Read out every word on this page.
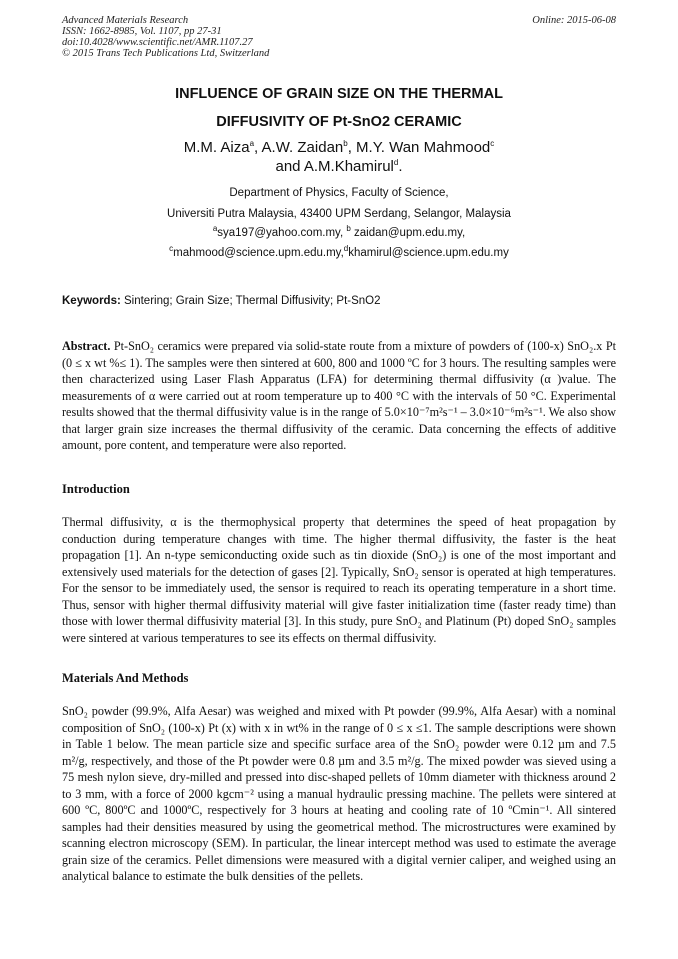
Advanced Materials Research
ISSN: 1662-8985, Vol. 1107, pp 27-31
doi:10.4028/www.scientific.net/AMR.1107.27
© 2015 Trans Tech Publications Ltd, Switzerland
Online: 2015-06-08
INFLUENCE OF GRAIN SIZE ON THE THERMAL
DIFFUSIVITY OF Pt-SnO2 CERAMIC
M.M. Aiza$^a$, A.W. Zaidan$^b$, M.Y. Wan Mahmood$^c$
and A.M.Khamirul$^d$.
Department of Physics, Faculty of Science,
Universiti Putra Malaysia, 43400 UPM Serdang, Selangor, Malaysia
$^a$sya197@yahoo.com.my, $^b$ zaidan@upm.edu.my,
$^c$mahmood@science.upm.edu.my,$^d$khamirul@science.upm.edu.my
Keywords: Sintering; Grain Size; Thermal Diffusivity; Pt-SnO2
Abstract. Pt-SnO₂ ceramics were prepared via solid-state route from a mixture of powders of (100-x) SnO₂.x Pt (0 ≤ x wt %≤ 1). The samples were then sintered at 600, 800 and 1000 ºC for 3 hours. The resulting samples were then characterized using Laser Flash Apparatus (LFA) for determining thermal diffusivity (α )value. The measurements of α were carried out at room temperature up to 400 °C with the intervals of 50 °C. Experimental results showed that the thermal diffusivity value is in the range of 5.0×10⁻⁷m²s⁻¹ – 3.0×10⁻⁶m²s⁻¹. We also show that larger grain size increases the thermal diffusivity of the ceramic. Data concerning the effects of additive amount, pore content, and temperature were also reported.
Introduction
Thermal diffusivity, α is the thermophysical property that determines the speed of heat propagation by conduction during temperature changes with time. The higher thermal diffusivity, the faster is the heat propagation [1]. An n-type semiconducting oxide such as tin dioxide (SnO₂) is one of the most important and extensively used materials for the detection of gases [2]. Typically, SnO₂ sensor is operated at high temperatures. For the sensor to be immediately used, the sensor is required to reach its operating temperature in a short time. Thus, sensor with higher thermal diffusivity material will give faster initialization time (faster ready time) than those with lower thermal diffusivity material [3]. In this study, pure SnO₂ and Platinum (Pt) doped SnO₂ samples were sintered at various temperatures to see its effects on thermal diffusivity.
Materials And Methods
SnO₂ powder (99.9%, Alfa Aesar) was weighed and mixed with Pt powder (99.9%, Alfa Aesar) with a nominal composition of SnO₂ (100-x) Pt (x) with x in wt% in the range of 0 ≤ x ≤1. The sample descriptions were shown in Table 1 below. The mean particle size and specific surface area of the SnO₂ powder were 0.12 µm and 7.5 m²/g, respectively, and those of the Pt powder were 0.8 µm and 3.5 m²/g. The mixed powder was sieved using a 75 mesh nylon sieve, dry-milled and pressed into disc-shaped pellets of 10mm diameter with thickness around 2 to 3 mm, with a force of 2000 kgcm⁻² using a manual hydraulic pressing machine. The pellets were sintered at 600 ºC, 800ºC and 1000ºC, respectively for 3 hours at heating and cooling rate of 10 ºCmin⁻¹. All sintered samples had their densities measured by using the geometrical method. The microstructures were examined by scanning electron microscopy (SEM). In particular, the linear intercept method was used to estimate the average grain size of the ceramics. Pellet dimensions were measured with a digital vernier caliper, and weighed using an analytical balance to estimate the bulk densities of the pellets.
